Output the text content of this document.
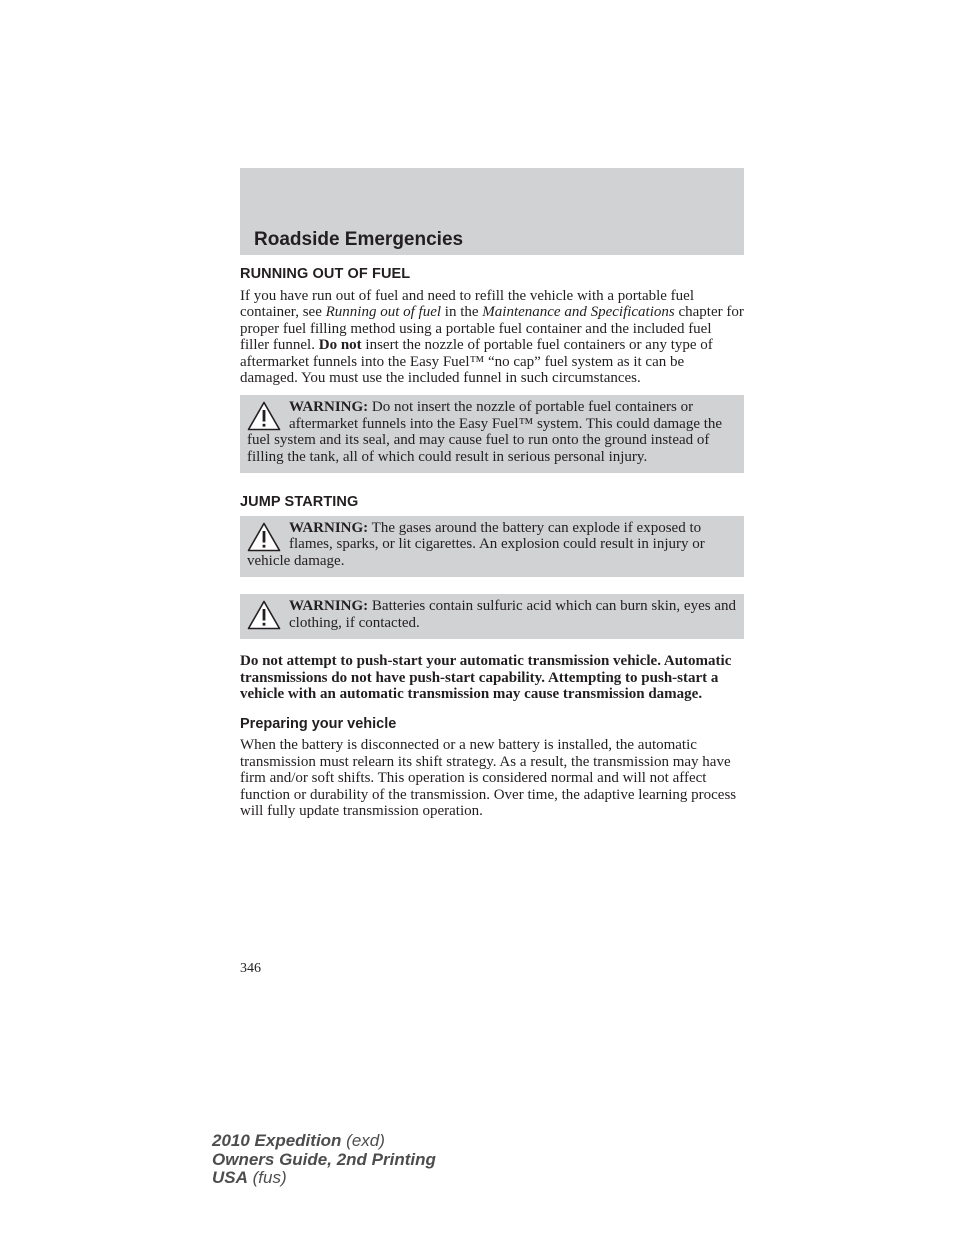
Roadside Emergencies
RUNNING OUT OF FUEL

If you have run out of fuel and need to refill the vehicle with a portable fuel container, see Running out of fuel in the Maintenance and Specifications chapter for proper fuel filling method using a portable fuel container and the included fuel filler funnel. Do not insert the nozzle of portable fuel containers or any type of aftermarket funnels into the Easy Fuel™ “no cap” fuel system as it can be damaged. You must use the included funnel in such circumstances.

WARNING: Do not insert the nozzle of portable fuel containers or aftermarket funnels into the Easy Fuel™ system. This could damage the fuel system and its seal, and may cause fuel to run onto the ground instead of filling the tank, all of which could result in serious personal injury.
JUMP STARTING
WARNING: The gases around the battery can explode if exposed to flames, sparks, or lit cigarettes. An explosion could result in injury or vehicle damage.
WARNING: Batteries contain sulfuric acid which can burn skin, eyes and clothing, if contacted.

Do not attempt to push-start your automatic transmission vehicle. Automatic transmissions do not have push-start capability. Attempting to push-start a vehicle with an automatic transmission may cause transmission damage.

Preparing your vehicle

When the battery is disconnected or a new battery is installed, the automatic transmission must relearn its shift strategy. As a result, the transmission may have firm and/or soft shifts. This operation is considered normal and will not affect function or durability of the transmission. Over time, the adaptive learning process will fully update transmission operation.

346
2010 Expedition (exd)
Owners Guide, 2nd Printing
USA (fus)
